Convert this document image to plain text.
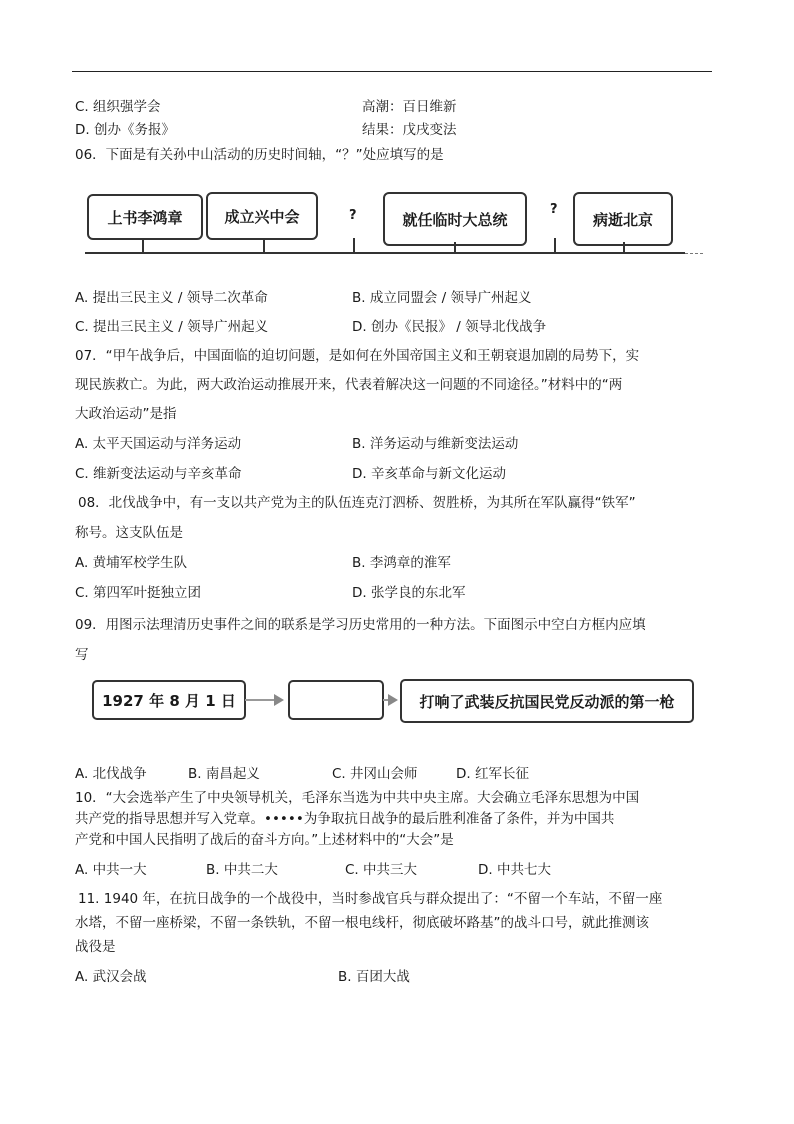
C. 组织强学会	高潮：百日维新
D. 创办《务报》	结果：戊戌变法
06．下面是有关孙中山活动的历史时间轴，“？”处应填写的是
上书李鸿章	成立兴中会	?	就任临时大总统
?
病逝北京
A. 提出三民主义 / 领导二次革命	B. 成立同盟会 / 领导广州起义
C. 提出三民主义 / 领导广州起义	D. 创办《民报》 / 领导北伐战争
07．“甲午战争后，中国面临的迫切问题，是如何在外国帝国主义和王朝衰退加剧的局势下，实
现民族救亡。为此，两大政治运动推展开来，代表着解决这一问题的不同途径。”材料中的“两
大政治运动”是指
A. 太平天国运动与洋务运动	B. 洋务运动与维新变法运动
C. 维新变法运动与辛亥革命	D. 辛亥革命与新文化运动
08．北伐战争中，有一支以共产党为主的队伍连克汀泗桥、贺胜桥，为其所在军队赢得“铁军”
称号。这支队伍是
A. 黄埔军校学生队	B. 李鸿章的淮军
C. 第四军叶挺独立团	D. 张学良的东北军
09．用图示法理清历史事件之间的联系是学习历史常用的一种方法。下面图示中空白方框内应填
写
1927 年 8 月 1 日	打响了武装反抗国民党反动派的第一枪
A. 北伐战争	B. 南昌起义	C. 井冈山会师	D. 红军长征
10．“大会选举产生了中央领导机关，毛泽东当选为中共中央主席。大会确立毛泽东思想为中国
共产党的指导思想并写入党章。•••••为争取抗日战争的最后胜利准备了条件，并为中国共
产党和中国人民指明了战后的奋斗方向。”上述材料中的“大会”是
A. 中共一大	B. 中共二大	C. 中共三大	D. 中共七大
11. 1940 年，在抗日战争的一个战役中，当时参战官兵与群众提出了：“不留一个车站，不留一座
水塔，不留一座桥梁，不留一条铁轨，不留一根电线杆，彻底破坏路基”的战斗口号，就此推测该
战役是
A. 武汉会战	B. 百团大战
